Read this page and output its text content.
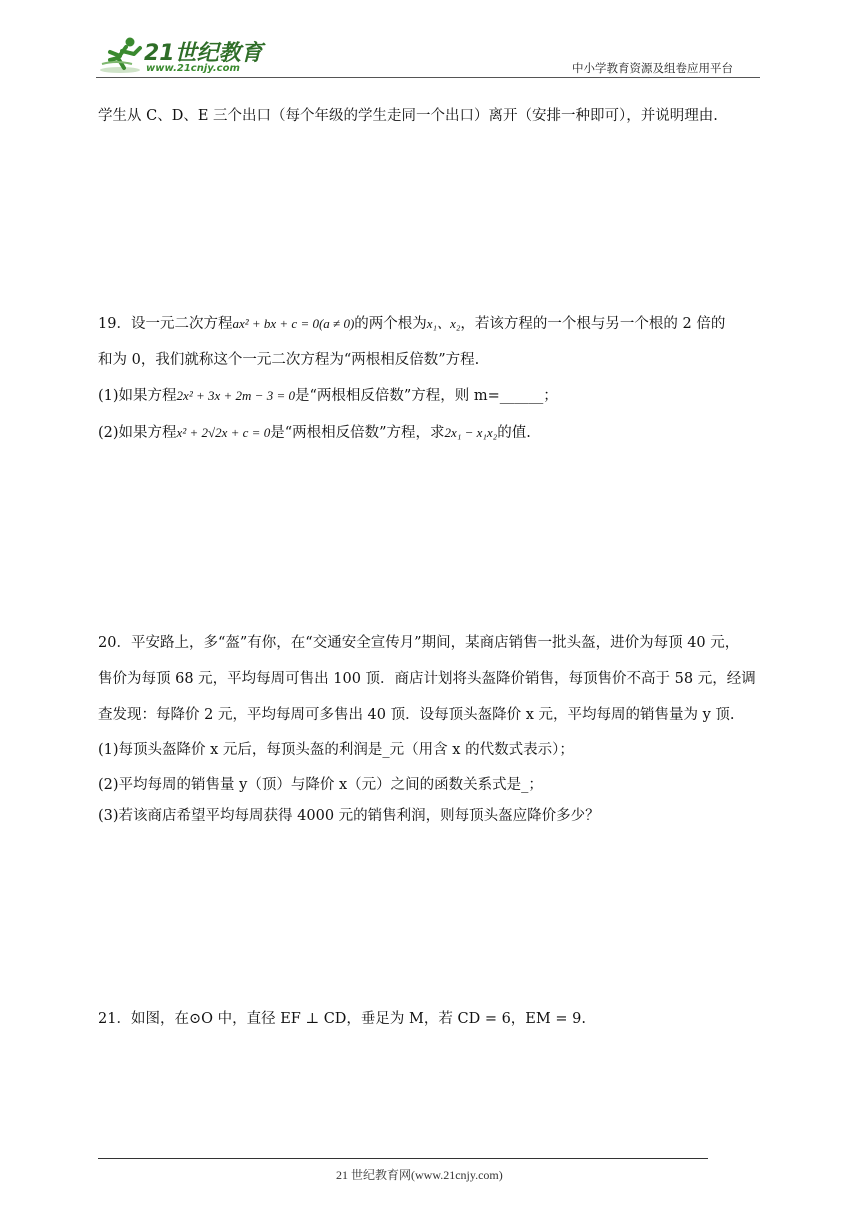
21世纪教育
www.21cnjy.com	中小学教育资源及组卷应用平台
学生从 C、D、E 三个出口（每个年级的学生走同一个出口）离开（安排一种即可），并说明理由.
19．设一元二次方程ax² + bx + c = 0(a ≠ 0)的两个根为x₁、x₂，若该方程的一个根与另一个根的 2 倍的
和为 0，我们就称这个一元二次方程为“两根相反倍数”方程.
(1)如果方程2x² + 3x + 2m − 3 = 0是“两根相反倍数”方程，则 m=______；
(2)如果方程x² + 2√2x + c = 0是“两根相反倍数”方程，求2x₁ − x₁x₂的值.
20．平安路上，多“盔”有你，在“交通安全宣传月”期间，某商店销售一批头盔，进价为每顶 40 元，
售价为每顶 68 元，平均每周可售出 100 顶．商店计划将头盔降价销售，每顶售价不高于 58 元，经调
查发现：每降价 2 元，平均每周可多售出 40 顶．设每顶头盔降价 x 元，平均每周的销售量为 y 顶.
(1)每顶头盔降价 x 元后，每顶头盔的利润是_元（用含 x 的代数式表示）；
(2)平均每周的销售量 y（顶）与降价 x（元）之间的函数关系式是_；
(3)若该商店希望平均每周获得 4000 元的销售利润，则每顶头盔应降价多少？
21．如图，在⊙O 中，直径 EF ⊥ CD，垂足为 M，若 CD = 6，EM = 9.
21 世纪教育网(www.21cnjy.com)
